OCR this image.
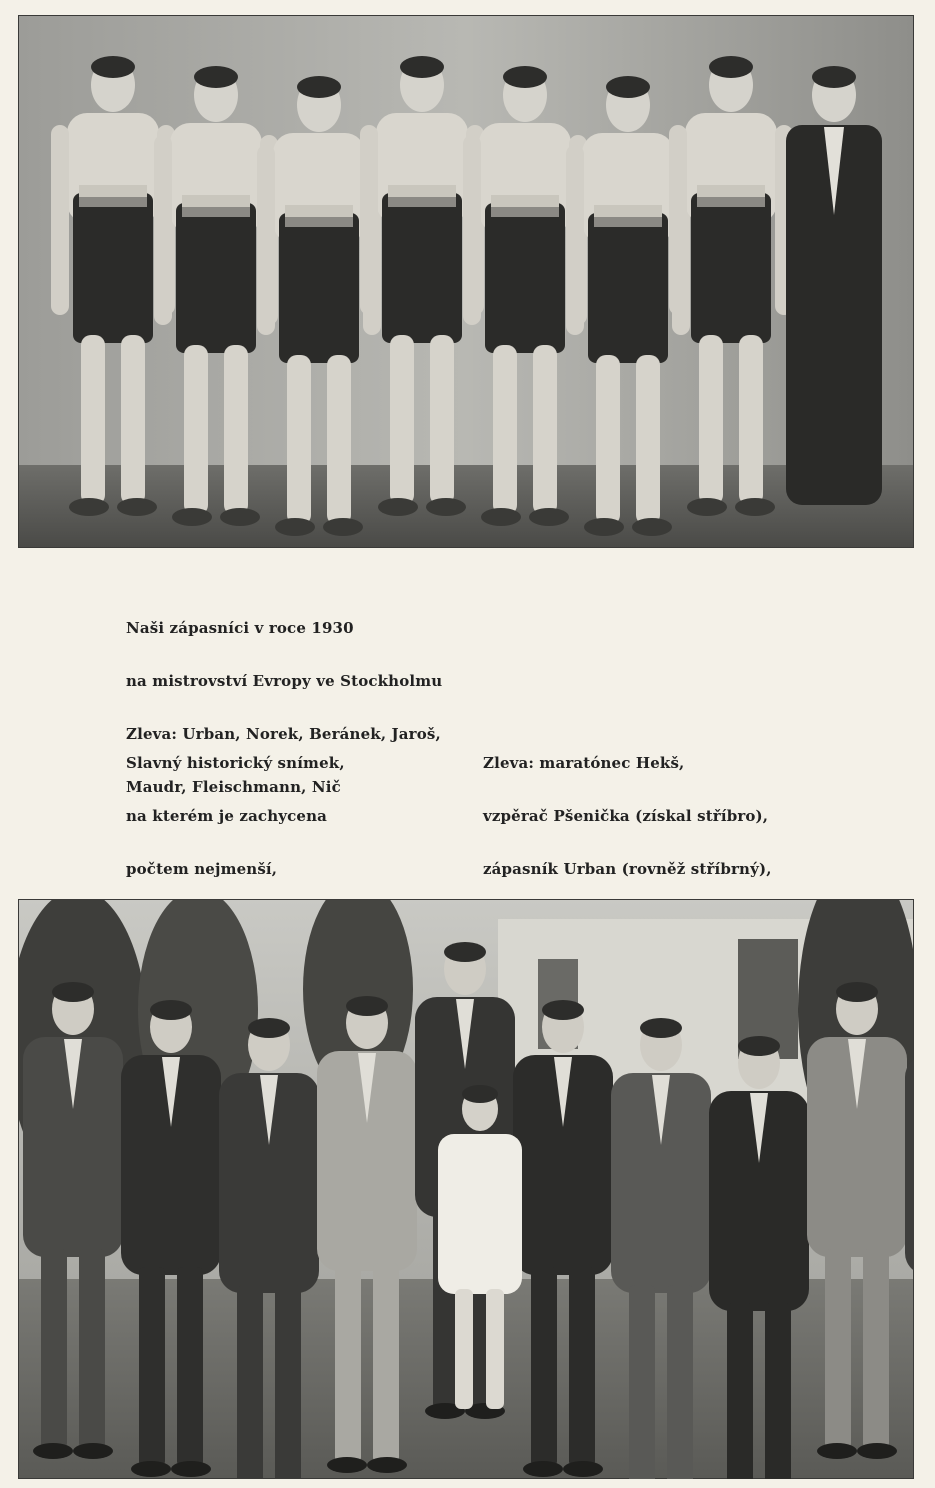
Naši zápasníci v roce 1930

na mistrovství Evropy ve Stockholmu

Zleva: Urban, Norek, Beránek, Jaroš,

Maudr, Fleischmann, Nič

Slavný historický snímek,

na kterém je zachycena

počtem nejmenší,

Zleva: maratónec Hekš,

vzpěrač Pšenička (získal stříbro),

zápasník Urban (rovněž stříbrný),
